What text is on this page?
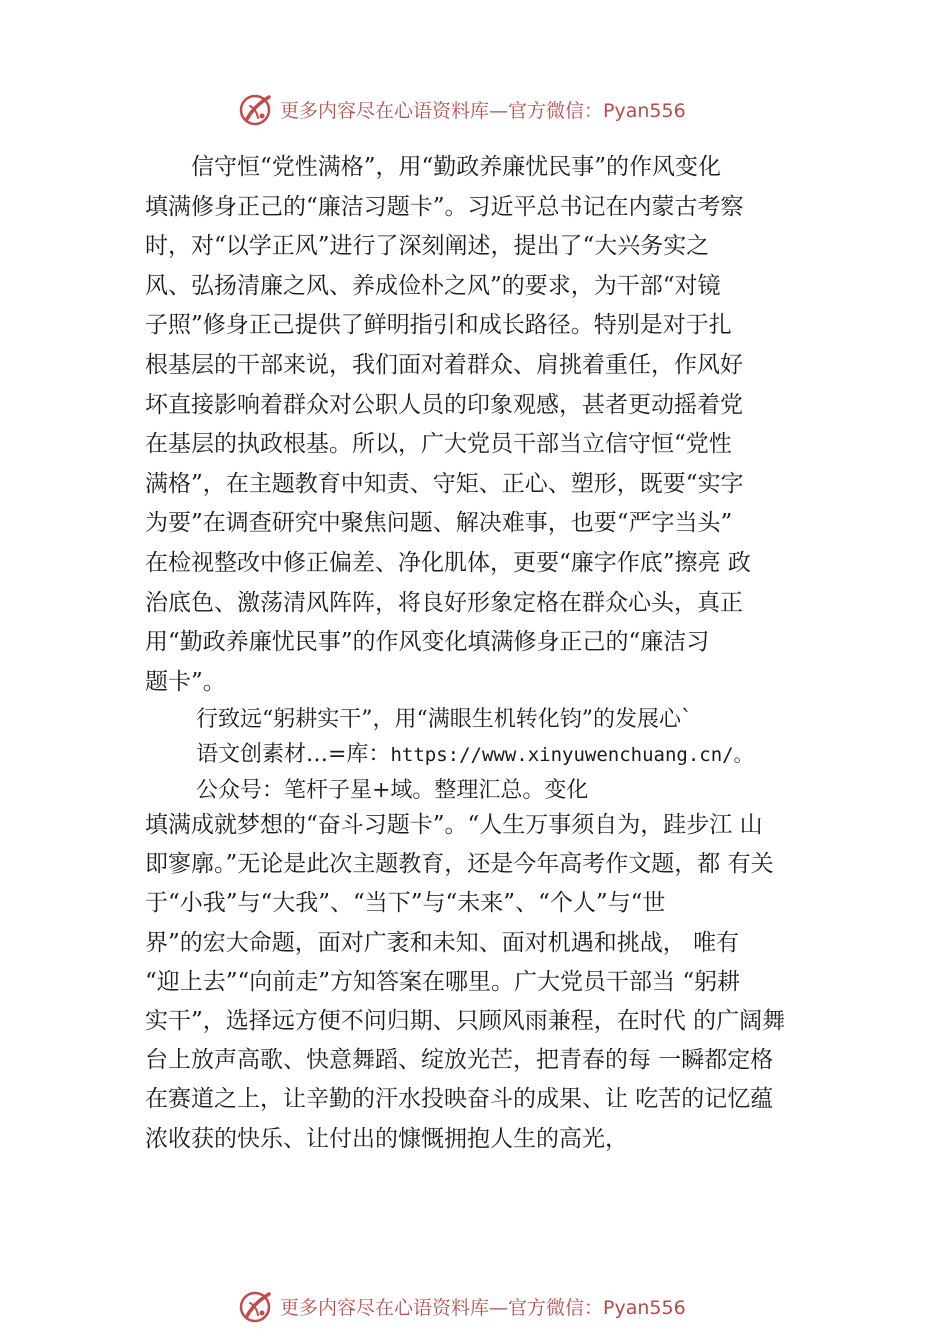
更多内容尽在心语资料库—官方微信：Pyan556
　　信守恒“党性满格”，用“勤政养廉忧民事”的作风变化
填满修身正己的“廉洁习题卡”。习近平总书记在内蒙古考察
时，对“以学正风”进行了深刻阐述，提出了“大兴务实之
风、弘扬清廉之风、养成俭朴之风”的要求，为干部“对镜
子照”修身正己提供了鲜明指引和成长路径。特别是对于扎
根基层的干部来说，我们面对着群众、肩挑着重任，作风好
坏直接影响着群众对公职人员的印象观感，甚者更动摇着党
在基层的执政根基。所以，广大党员干部当立信守恒“党性
满格”，在主题教育中知责、守矩、正心、塑形，既要“实字
为要”在调查研究中聚焦问题、解决难事，也要“严字当头”
在检视整改中修正偏差、净化肌体，更要“廉字作底”擦亮 政
治底色、激荡清风阵阵，将良好形象定格在群众心头，真正
用“勤政养廉忧民事”的作风变化填满修身正己的“廉洁习
题卡”。
行致远“躬耕实干”，用“满眼生机转化钧”的发展心`
语文创素材…=库：https://www.xinyuwenchuang.cn/。
公众号：笔杆子星+域。整理汇总。变化
填满成就梦想的“奋斗习题卡”。“人生万事须自为，跬步江 山
即寥廓。”无论是此次主题教育，还是今年高考作文题，都 有关
于“小我”与“大我”、“当下”与“未来”、“个人”与“世
界”的宏大命题，面对广袤和未知、面对机遇和挑战， 唯有
“迎上去”“向前走”方知答案在哪里。广大党员干部当 “躬耕
实干”，选择远方便不问归期、只顾风雨兼程，在时代 的广阔舞
台上放声高歌、快意舞蹈、绽放光芒，把青春的每 一瞬都定格
在赛道之上，让辛勤的汗水投映奋斗的成果、让 吃苦的记忆蕴
浓收获的快乐、让付出的慷慨拥抱人生的高光，
更多内容尽在心语资料库—官方微信：Pyan556
